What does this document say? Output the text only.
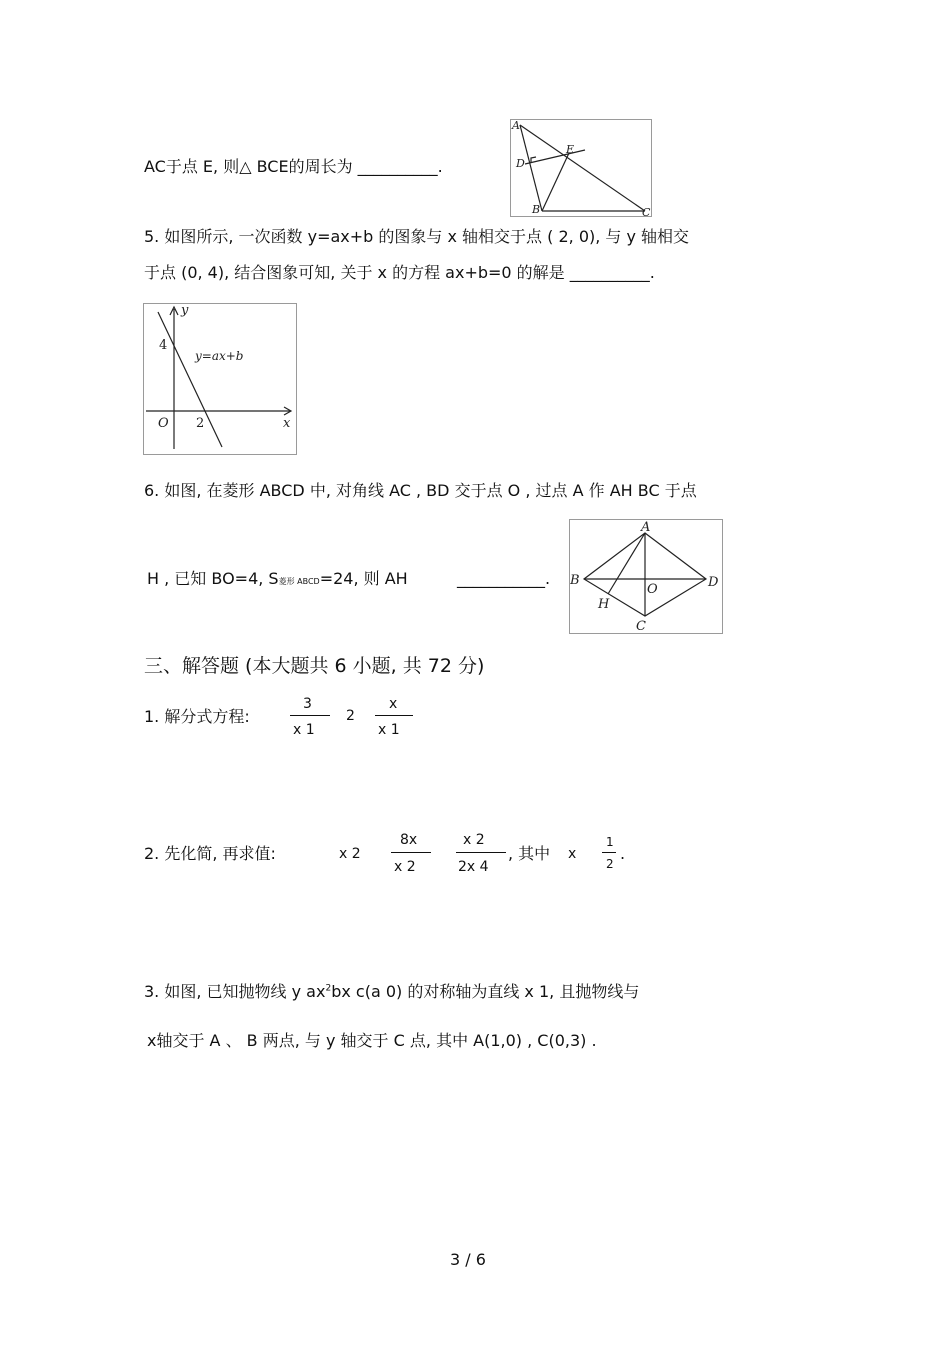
AC于点 E, 则△ BCE的周长为 __________.
A
D
E
B	C
5. 如图所示, 一次函数 y=ax+b 的图象与 x 轴相交于点 ( 2, 0), 与 y 轴相交
于点 (0, 4), 结合图象可知, 关于 x 的方程 ax+b=0 的解是 __________.
y
x
O
4
2
y=ax+b
6. 如图, 在菱形 ABCD 中, 对角线 AC , BD 交于点 O , 过点 A 作 AH BC 于点
H , 已知 BO=4, S菱形 ABCD=24, 则 AH	___________.
A
B	D
O
H
C
三、解答题 (本大题共 6 小题, 共 72 分)
1. 解分式方程:
3
x 1
2
x
x 1
2. 先化简, 再求值:	x 2
8x
x 2
x 2
2x 4
, 其中 x
1
2
.
3. 如图, 已知抛物线 y $ax^2bx$ c(a 0) 的对称轴为直线 x 1, 且抛物线与
x轴交于 A 、 B 两点, 与 y 轴交于 C 点, 其中 A(1,0) , C(0,3) .
3 / 6
